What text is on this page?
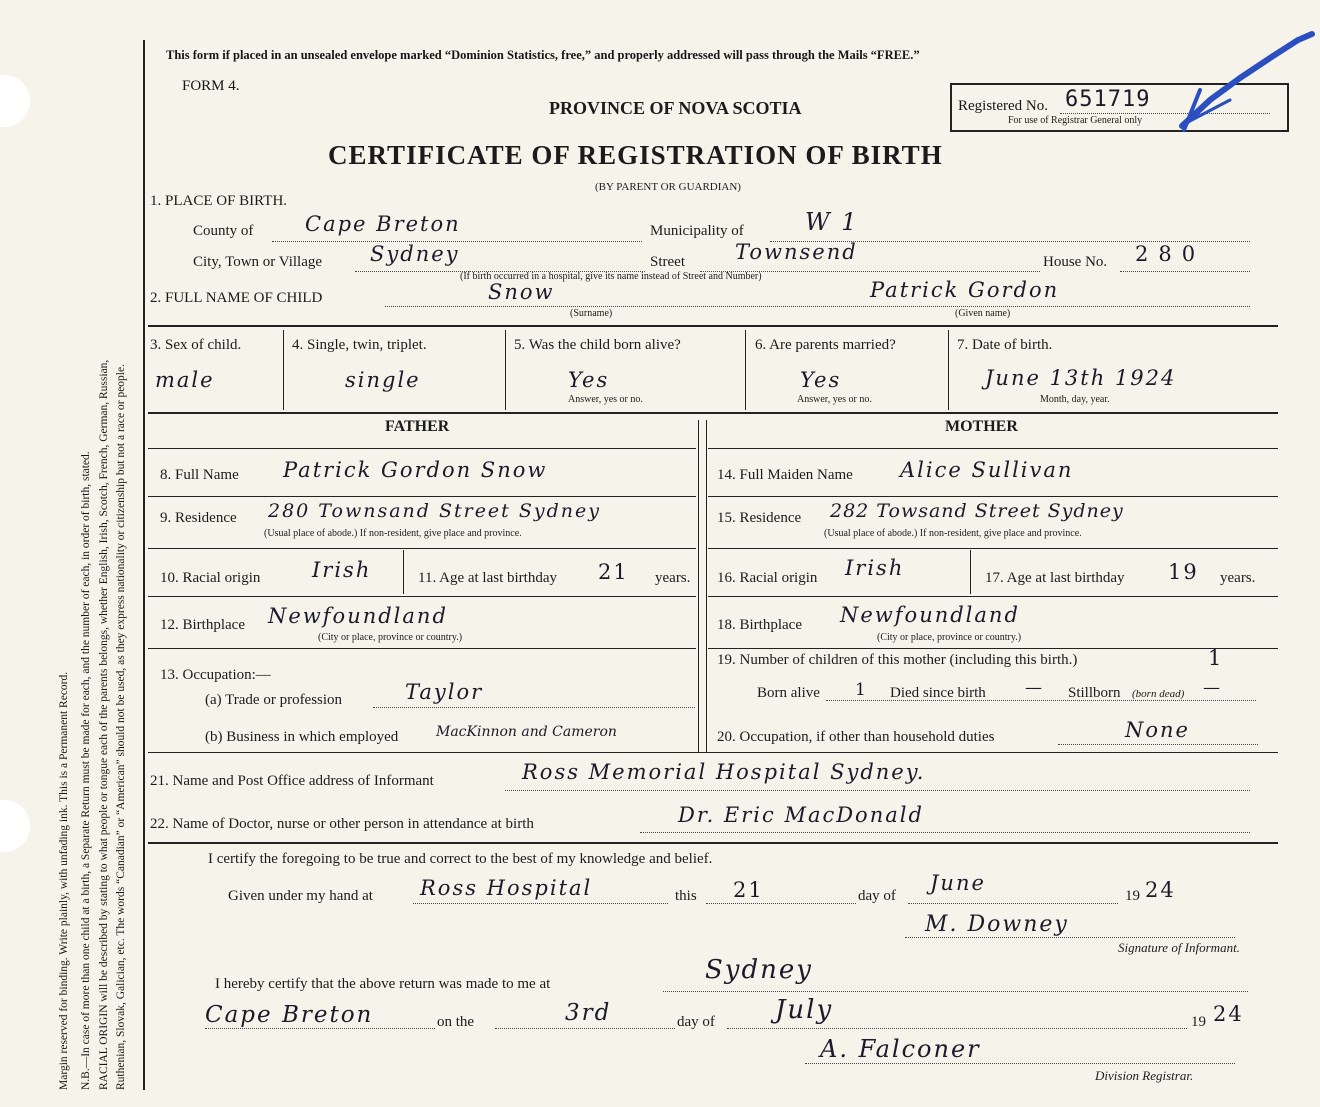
Margin reserved for binding. Write plainly, with unfading ink. This is a Permanent Record. N.B.—In case of more than one child at a birth, a Separate Return must be made for each, and the number of each, in order of birth, stated. RACIAL ORIGIN will be described by stating to what people or tongue each of the parents belongs, whether English, Irish, Scotch, French, German, Russian, Ruthenian, Slovak, Galician, etc. The words “Canadian” or “American” should not be used, as they express nationality or citizenship but not a race or people.
This form if placed in an unsealed envelope marked “Dominion Statistics, free,” and properly addressed will pass through the Mails “FREE.”
FORM 4.
PROVINCE OF NOVA SCOTIA	Registered No. 651719
For use of Registrar General only
CERTIFICATE OF REGISTRATION OF BIRTH
(BY PARENT OR GUARDIAN)
1. PLACE OF BIRTH.
County of Cape Breton	Municipality of	W 1
City, Town or Village Sydney	Street Townsend
(If birth occurred in a hospital, give its name instead of Street and Number)
House No. 280
2. FULL NAME OF CHILD	Snow
(Surname)
Patrick Gordon
(Given name)
3. Sex of child.
male
4. Single, twin, triplet.
single
5. Was the child born alive?
Yes
Answer, yes or no.
6. Are parents married?
Yes
Answer, yes or no.
7. Date of birth.
June 13th 1924
Month, day, year.
FATHER	MOTHER
8. Full Name Patrick Gordon Snow
9. Residence 280 Townsand Street Sydney
(Usual place of abode.) If non-resident, give place and province.
10. Racial origin Irish	11. Age at last birthday 21 years.
12. Birthplace Newfoundland
(City or place, province or country.)
13. Occupation:—
(a) Trade or profession	Taylor
(b) Business in which employed	MacKinnon and Cameron
14. Full Maiden Name Alice Sullivan
15. Residence 282 Towsand Street Sydney
(Usual place of abode.) If non-resident, give place and province.
16. Racial origin Irish	17. Age at last birthday 19 years.
18. Birthplace Newfoundland
(City or place, province or country.)
19. Number of children of this mother (including this birth.)	1
Born alive 1 Died since birth — Stillborn (born dead) —
20. Occupation, if other than household duties	None
21. Name and Post Office address of Informant	Ross Memorial Hospital Sydney.
22. Name of Doctor, nurse or other person in attendance at birth	Dr. Eric MacDonald
I certify the foregoing to be true and correct to the best of my knowledge and belief.
Given under my hand at Ross Hospital	this 21	day of
June
19 24
M. Downey
Signature of Informant.
I hereby certify that the above return was made to me at	Sydney
Cape Breton	on the	3rd	day of July	19 24
A. Falconer
Division Registrar.
